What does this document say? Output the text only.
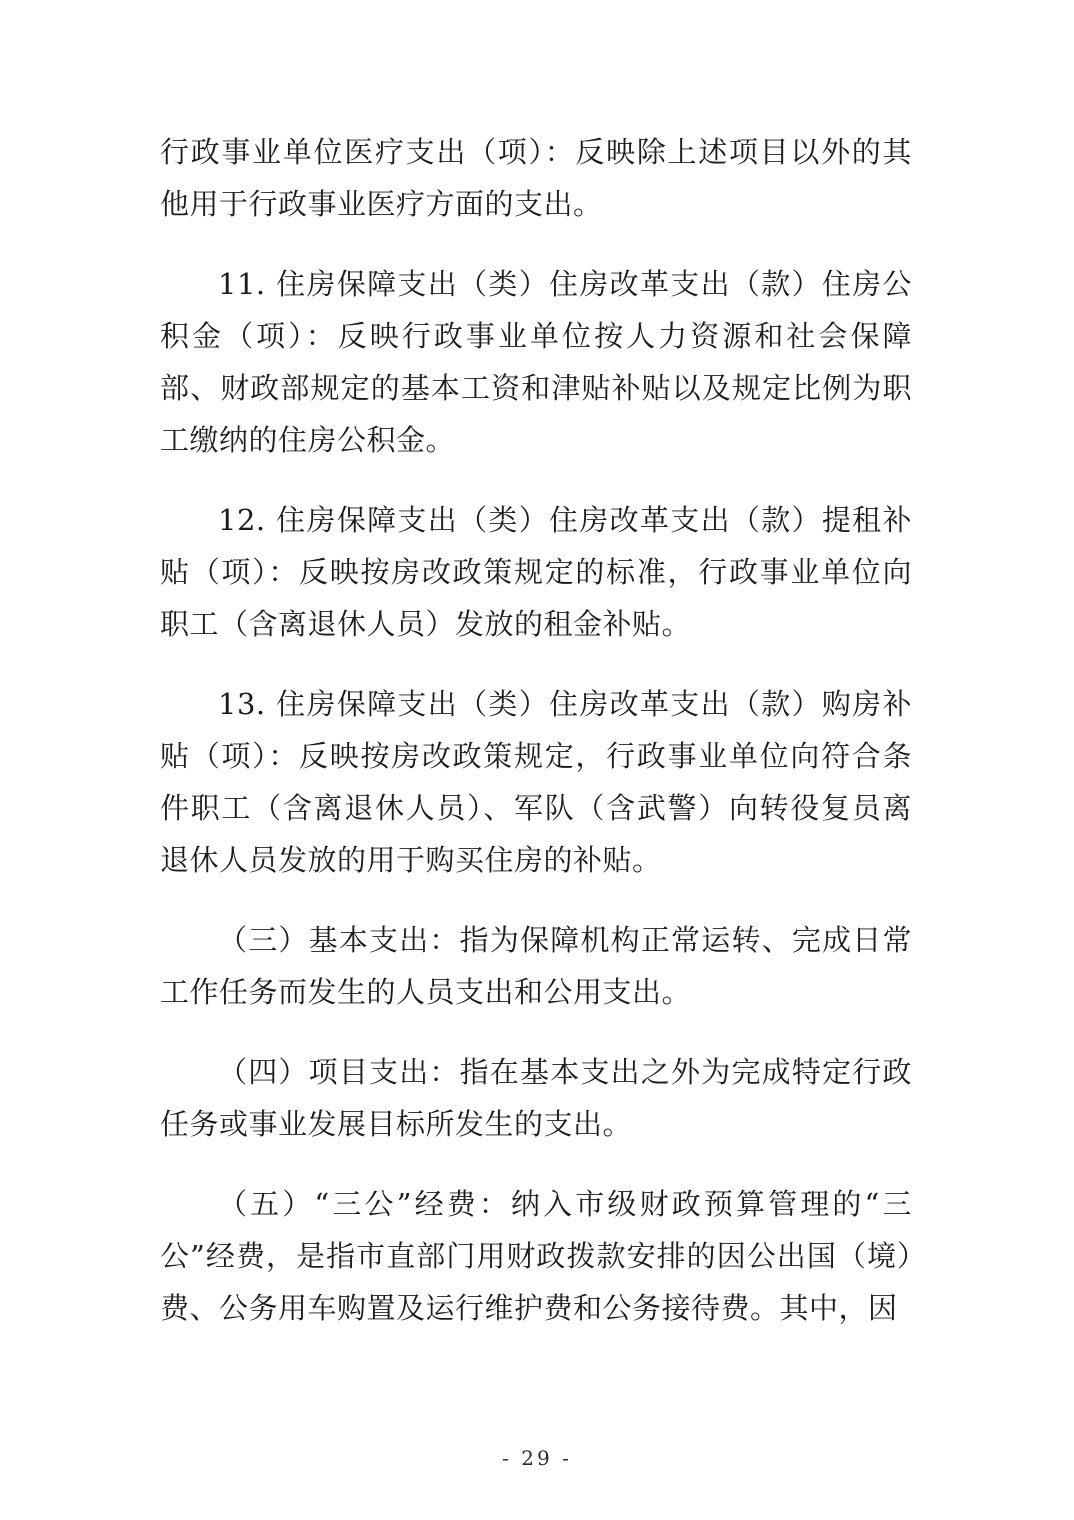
行政事业单位医疗支出（项）：反映除上述项目以外的其他用于行政事业医疗方面的支出。

11. 住房保障支出（类）住房改革支出（款）住房公积金（项）：反映行政事业单位按人力资源和社会保障部、财政部规定的基本工资和津贴补贴以及规定比例为职工缴纳的住房公积金。

12. 住房保障支出（类）住房改革支出（款）提租补贴（项）：反映按房改政策规定的标准，行政事业单位向职工（含离退休人员）发放的租金补贴。

13. 住房保障支出（类）住房改革支出（款）购房补贴（项）：反映按房改政策规定，行政事业单位向符合条件职工（含离退休人员）、军队（含武警）向转役复员离退休人员发放的用于购买住房的补贴。

（三）基本支出：指为保障机构正常运转、完成日常工作任务而发生的人员支出和公用支出。

（四）项目支出：指在基本支出之外为完成特定行政任务或事业发展目标所发生的支出。

（五）“三公”经费：纳入市级财政预算管理的“三公”经费，是指市直部门用财政拨款安排的因公出国（境）费、公务用车购置及运行维护费和公务接待费。其中，因

- 29 -
